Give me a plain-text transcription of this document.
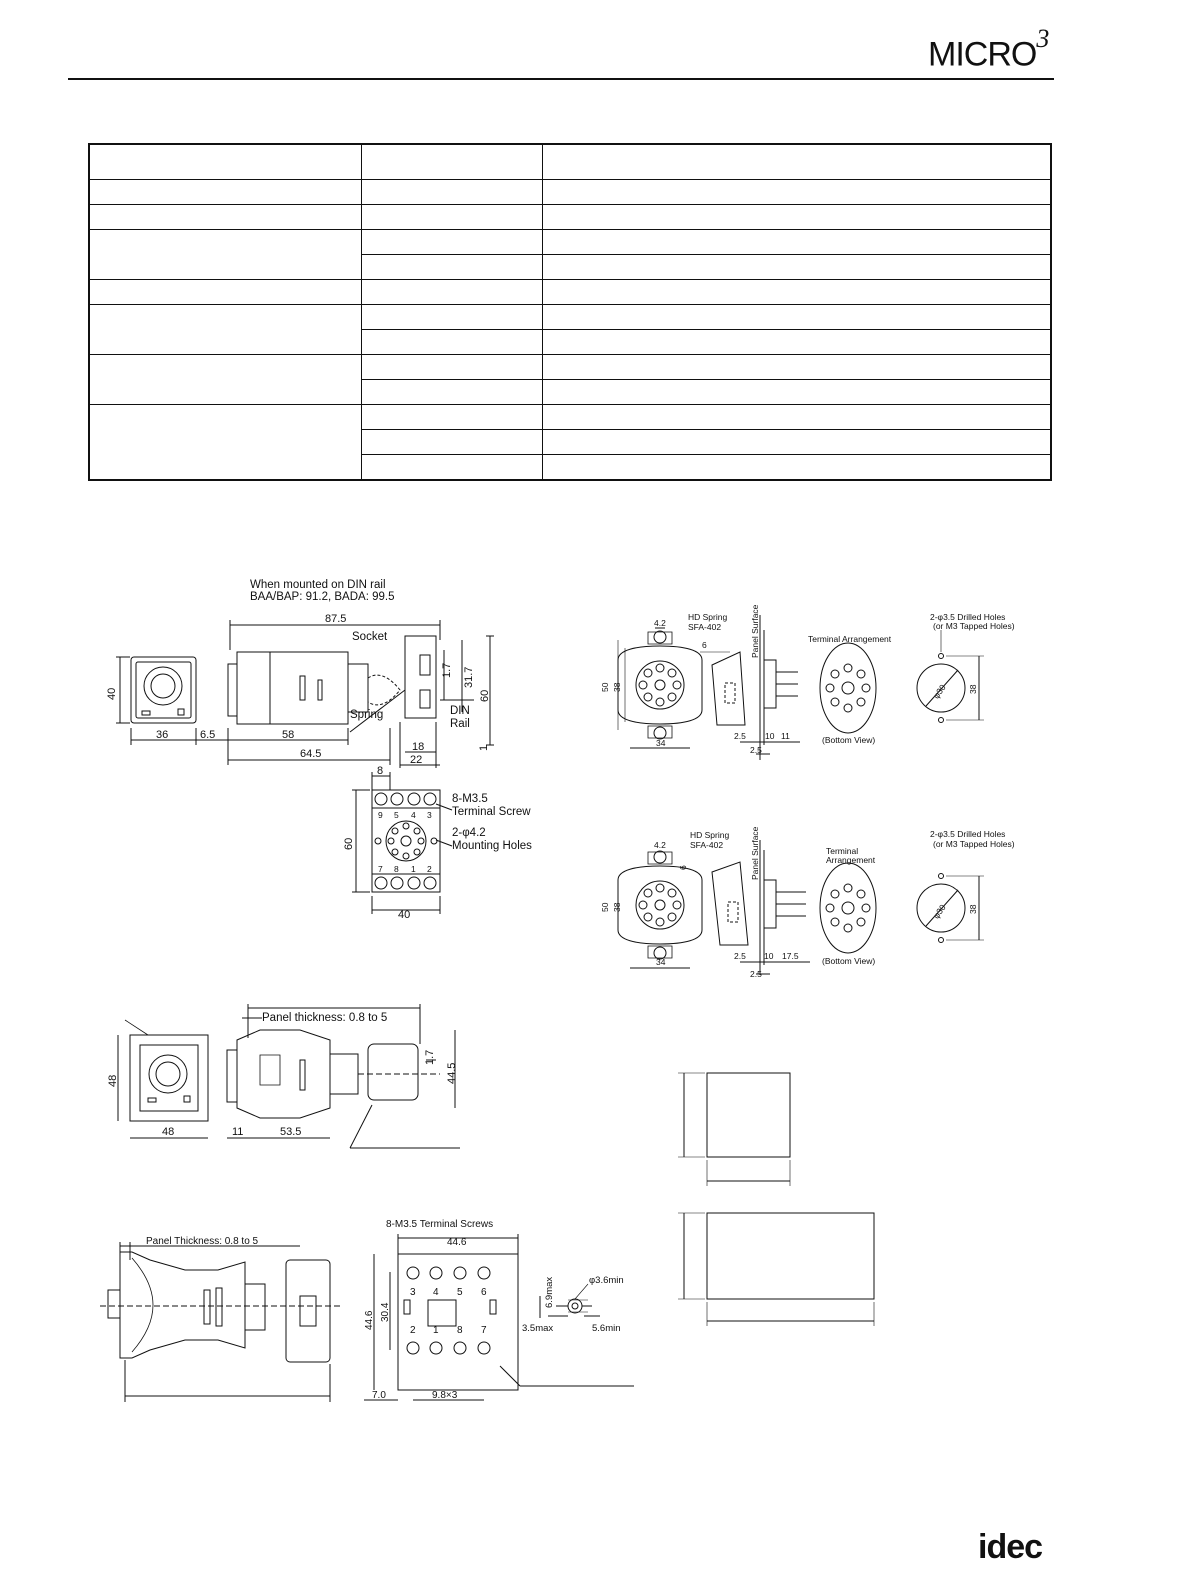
MICRO$^3$

When mounted on DIN rail
BAA/BAP: 91.2, BADA: 99.5
87.5
Socket
1.7 31.7
60
Spring	DIN
Rail
40
36	6.5	58
64.5
18
22
1
8
60
40
8-M3.5
Terminal Screw
2-φ4.2
Mounting Holes
9 5 4 3
7 8 1 2
HD Spring
SFA-402	Panel Surface	Terminal Arrangement
2-φ3.5 Drilled Holes
(or M3 Tapped Holes)
4.2
6
50 38
34
2.5 10 11
2.5
(Bottom View)
φ30 38
HD Spring
SFA-402	Panel Surface	Terminal
Arrangement
2-φ3.5 Drilled Holes
(or M3 Tapped Holes)
4.2
6
50 38
34
2.5 10 17.5
2.5
(Bottom View)
φ30 38
Panel thickness: 0.8 to 5
48
48	11	53.5
1.7
44.5
Panel Thickness: 0.8 to 5
8-M3.5 Terminal Screws
44.6
44.6 30.4
7.0	9.8×3
3 4 5 6
2 1 8 7
6.9max	φ3.6min
3.5max	5.6min
idec
